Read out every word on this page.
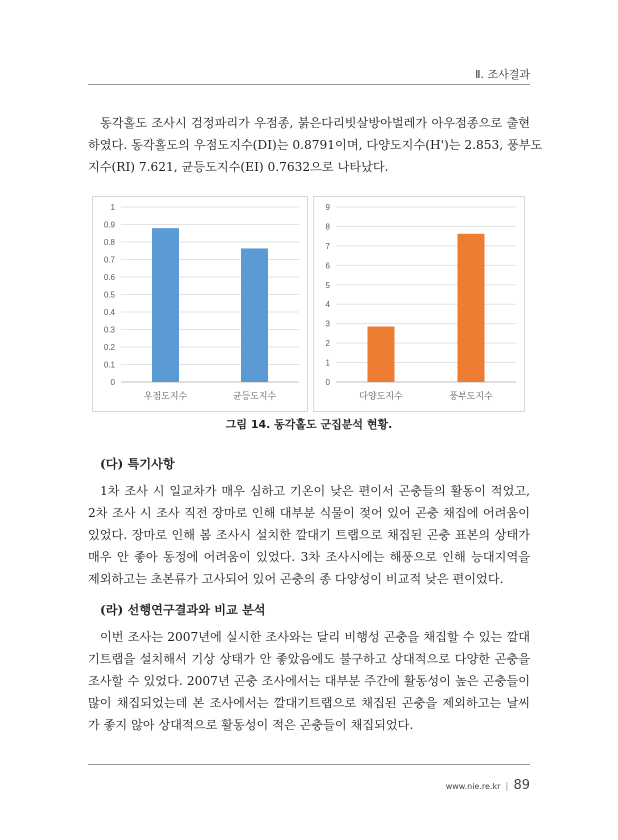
Ⅱ. 조사결과

동각홀도 조사시 검정파리가 우점종, 붉은다리빗살방아벌레가 아우점종으로 출현
하였다. 동각홀도의 우점도지수(DI)는 0.8791이며, 다양도지수(H')는 2.853, 풍부도
지수(RI) 7.621, 균등도지수(EI) 0.7632으로 나타났다.

0
0.1
0.2
0.3
0.4
0.5
0.6
0.7
0.8
0.9
1
우점도지수	균등도지수
0
1
2
3
4
5
6
7
8
9
다양도지수	풍부도지수
그림 14. 동각홀도 군집분석 현황.
(다) 특기사항

1차 조사 시 일교차가 매우 심하고 기온이 낮은 편이서 곤충들의 활동이 적었고,
2차 조사 시 조사 직전 장마로 인해 대부분 식물이 젖어 있어 곤충 채집에 어려움이
있었다. 장마로 인해 봄 조사시 설치한 깔대기 트랩으로 채집된 곤충 표본의 상태가
매우 안 좋아 동정에 어려움이 있었다. 3차 조사시에는 해풍으로 인해 능대지역을
제외하고는 초본류가 고사되어 있어 곤충의 종 다양성이 비교적 낮은 편이었다.

(라) 선행연구결과와 비교 분석

이번 조사는 2007년에 실시한 조사와는 달리 비행성 곤충을 채집할 수 있는 깔대
기트랩을 설치해서 기상 상태가 안 좋았음에도 불구하고 상대적으로 다양한 곤충을
조사할 수 있었다. 2007년 곤충 조사에서는 대부분 주간에 활동성이 높은 곤충들이
많이 채집되었는데 본 조사에서는 깔대기트랩으로 채집된 곤충을 제외하고는 날씨
가 좋지 않아 상대적으로 활동성이 적은 곤충들이 채집되었다.

www.nie.re.kr | 89
